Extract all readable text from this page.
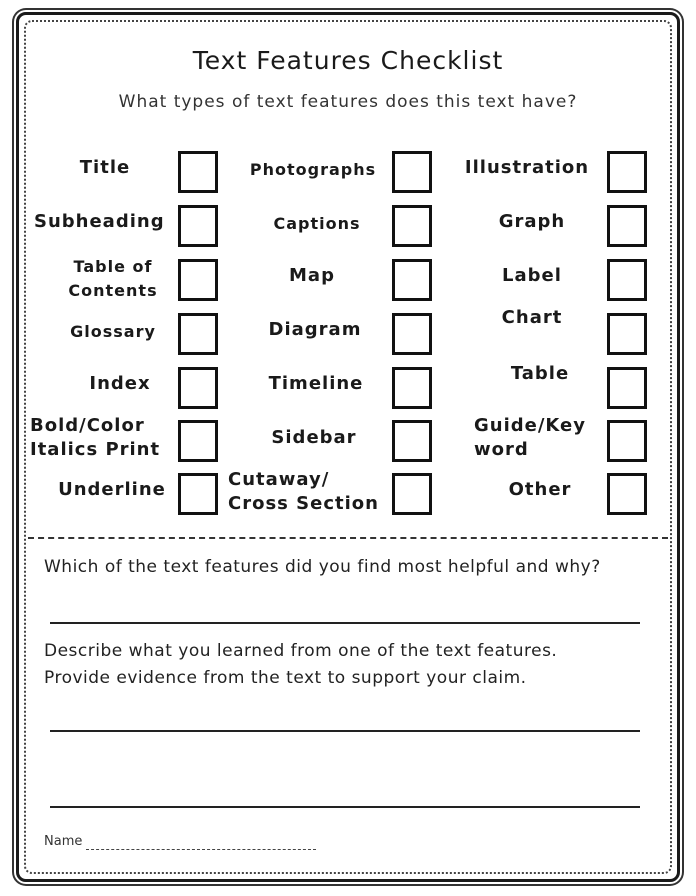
Text Features Checklist
What types of text features does this text have?
Title
Subheading
Table of
Contents
Glossary
Index
Bold/Color
Italics Print
Underline
Photographs
Captions
Map
Diagram
Timeline
Sidebar
Cutaway/
Cross Section
Illustration
Graph
Label
Chart
Table
Guide/Key
word
Other
Which of the text features did you find most helpful and why?
Describe what you learned from one of the text features.
Provide evidence from the text to support your claim.
Name
